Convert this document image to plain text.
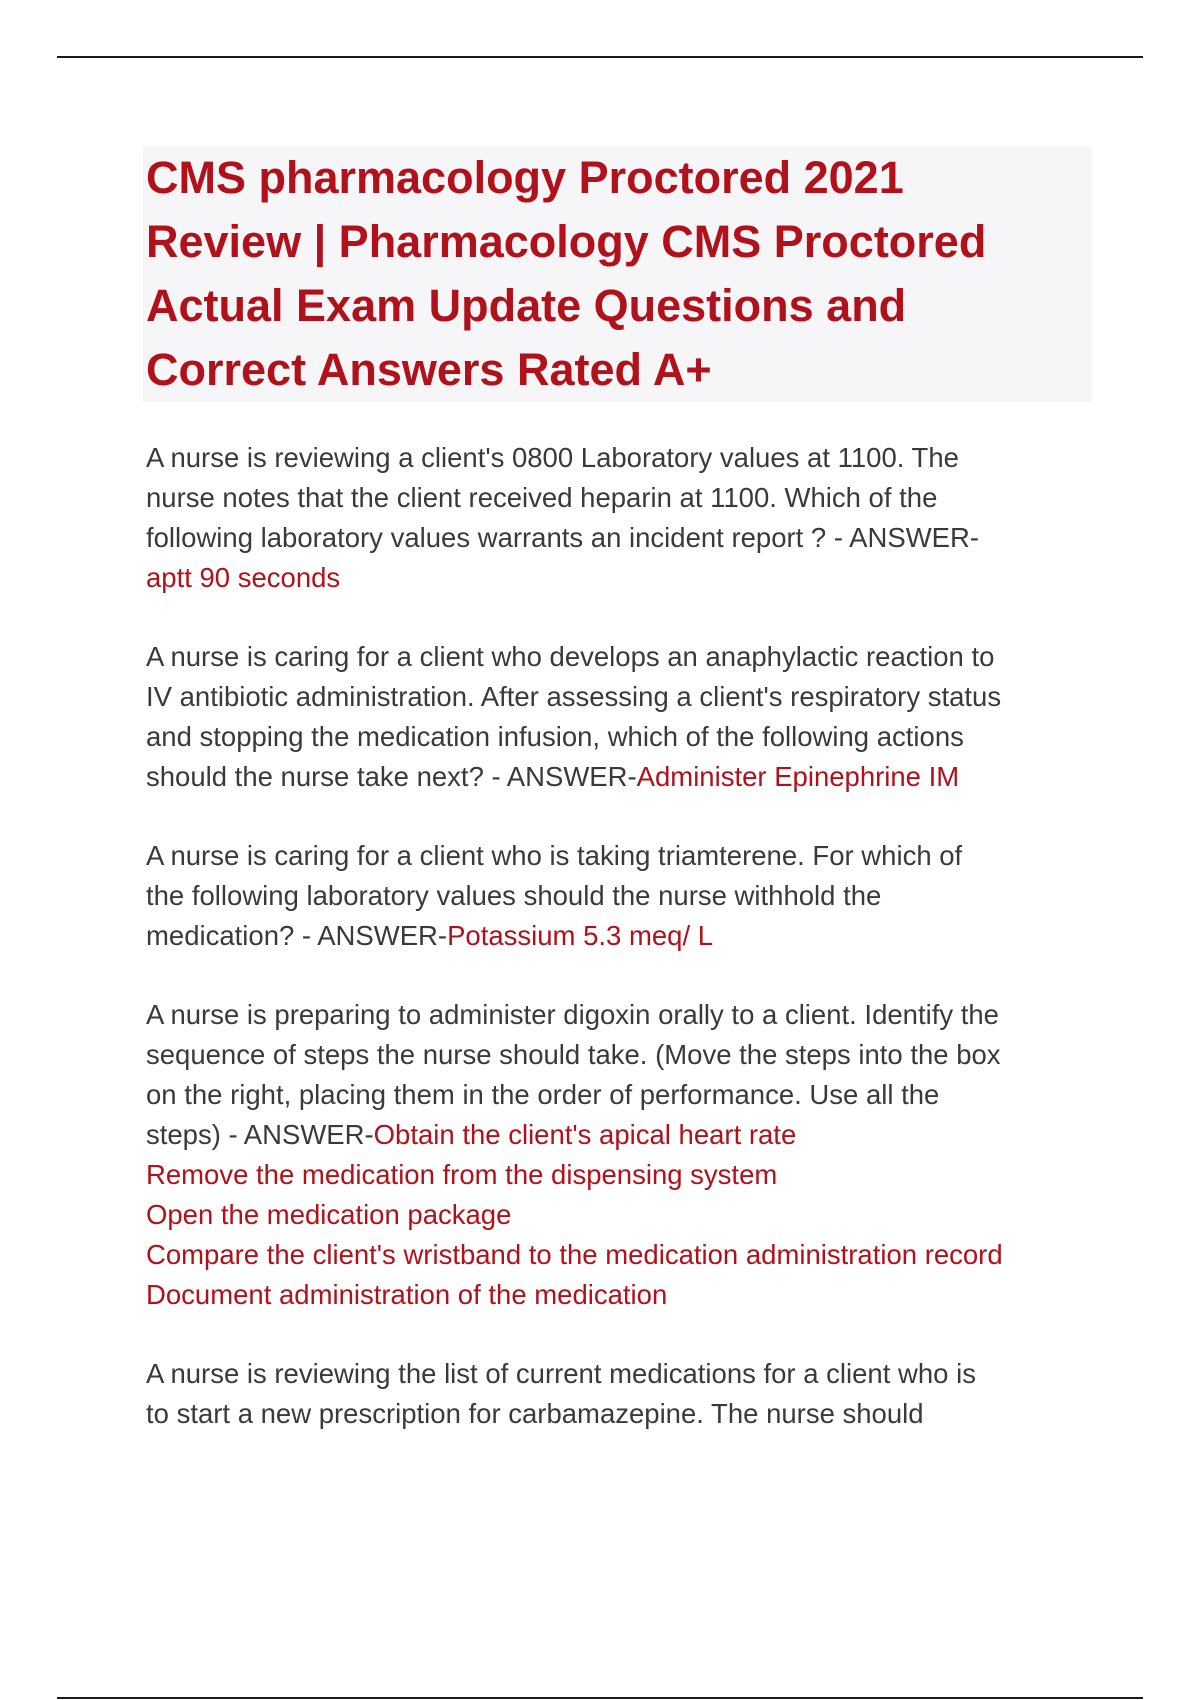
CMS pharmacology Proctored 2021
Review | Pharmacology CMS Proctored
Actual Exam Update Questions and
Correct Answers Rated A+
A nurse is reviewing a client's 0800 Laboratory values at 1100. The
nurse notes that the client received heparin at 1100. Which of the
following laboratory values warrants an incident report ? - ANSWER-
aptt 90 seconds
A nurse is caring for a client who develops an anaphylactic reaction to
IV antibiotic administration. After assessing a client's respiratory status
and stopping the medication infusion, which of the following actions
should the nurse take next? - ANSWER-Administer Epinephrine IM
A nurse is caring for a client who is taking triamterene. For which of
the following laboratory values should the nurse withhold the
medication? - ANSWER-Potassium 5.3 meq/ L
A nurse is preparing to administer digoxin orally to a client. Identify the
sequence of steps the nurse should take. (Move the steps into the box
on the right, placing them in the order of performance. Use all the
steps) - ANSWER-Obtain the client's apical heart rate
Remove the medication from the dispensing system
Open the medication package
Compare the client's wristband to the medication administration record
Document administration of the medication
A nurse is reviewing the list of current medications for a client who is
to start a new prescription for carbamazepine. The nurse should
